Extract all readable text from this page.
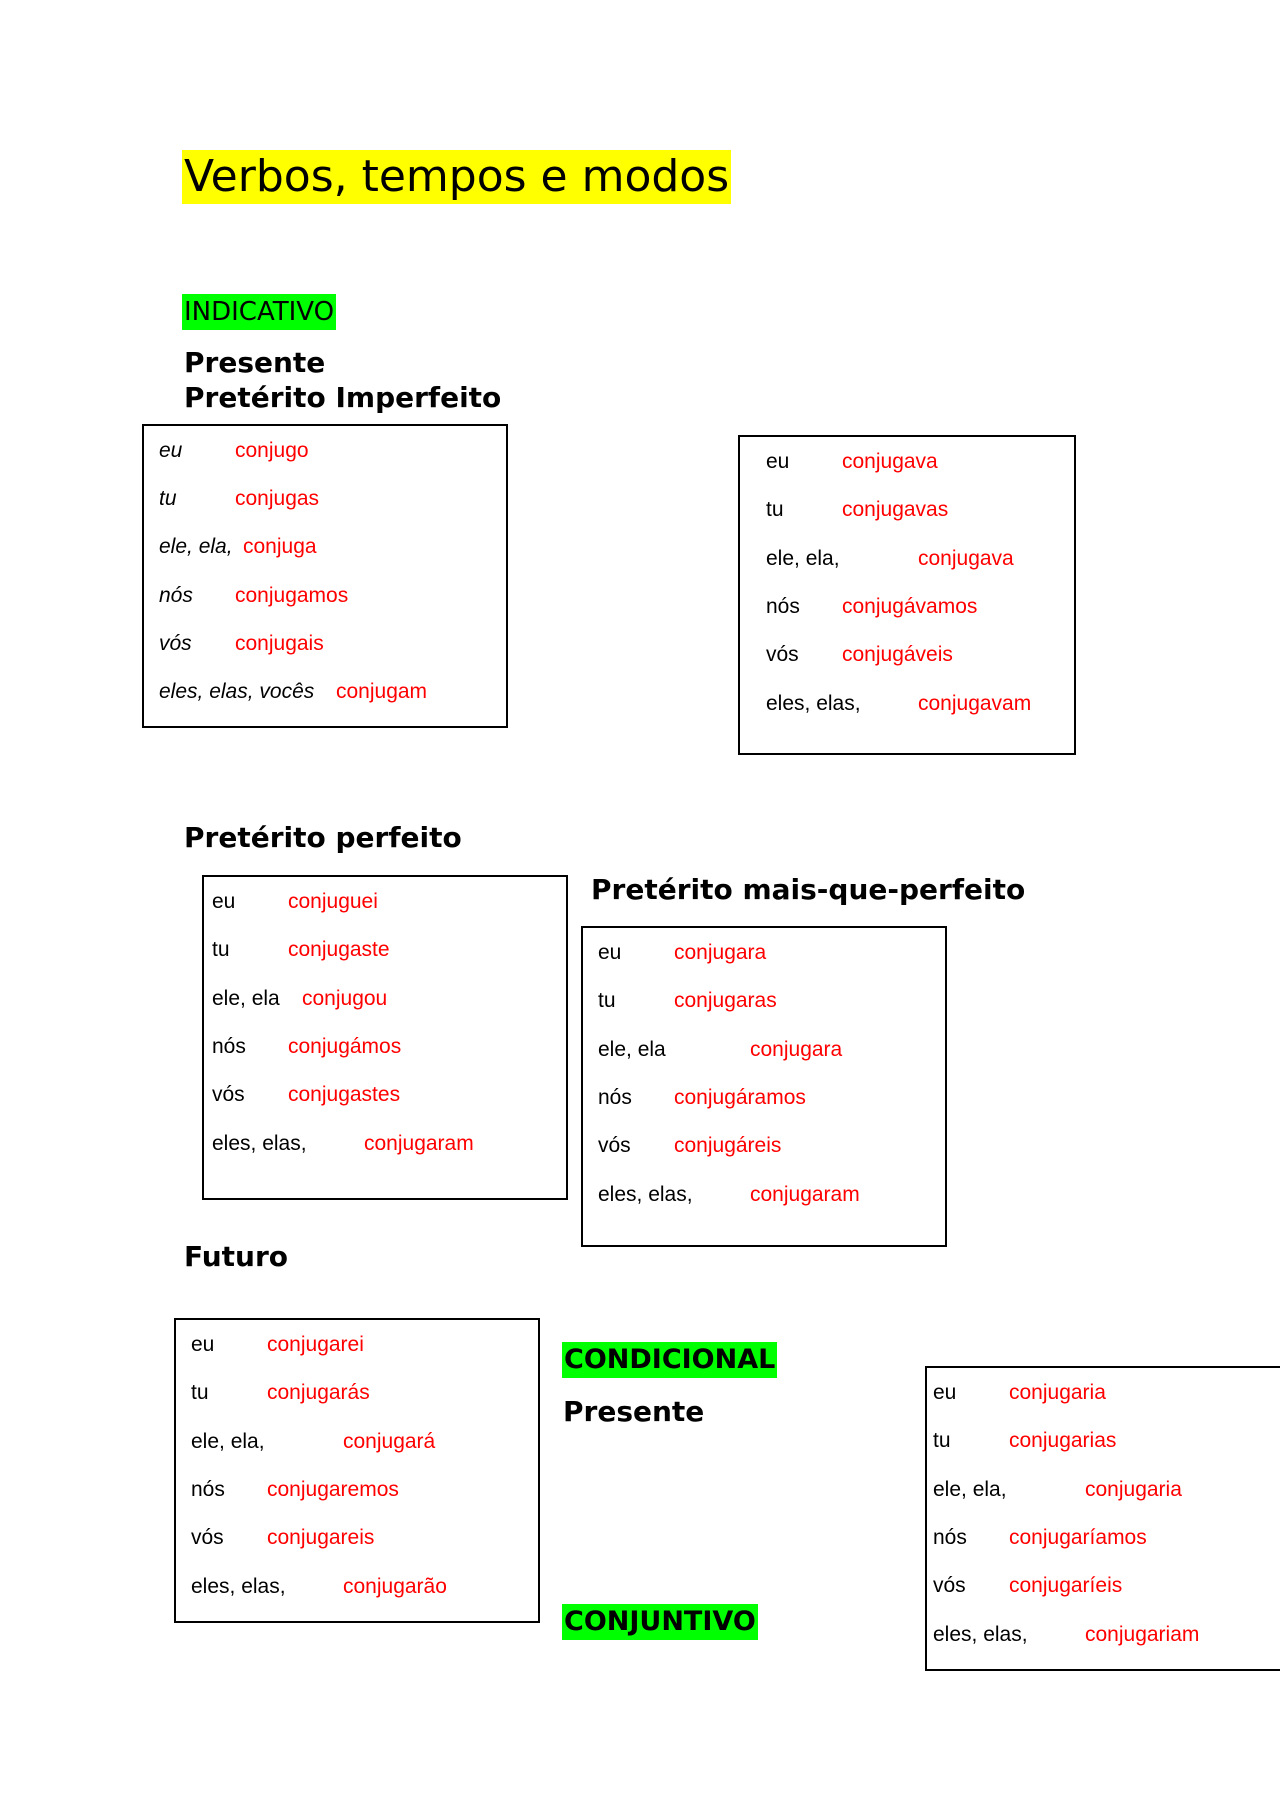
Verbos, tempos e modos
INDICATIVO
Presente
Pretérito Imperfeito
eu	conjugo
tu	conjugas
ele, ela, conjuga
nós conjugamos
vós conjugais
eles, elas, vocês conjugam
eu	conjugava
tu	conjugavas
ele, ela,	conjugava
nós conjugávamos
vós conjugáveis
eles, elas,	conjugavam
Pretérito perfeito
eu	conjuguei
tu	conjugaste
ele, ela conjugou
nós conjugámos
vós conjugastes
eles, elas,	conjugaram
Pretérito mais-que-perfeito
eu	conjugara
tu	conjugaras
ele, ela	conjugara
nós conjugáramos
vós conjugáreis
eles, elas,	conjugaram
Futuro
eu	conjugarei
tu	conjugarás
ele, ela,	conjugará
nós conjugaremos
vós conjugareis
eles, elas,	conjugarão
CONDICIONAL
Presente
eu	conjugaria
tu	conjugarias
ele, ela,	conjugaria
nós conjugaríamos
vós conjugaríeis
eles, elas,	conjugariam
CONJUNTIVO
